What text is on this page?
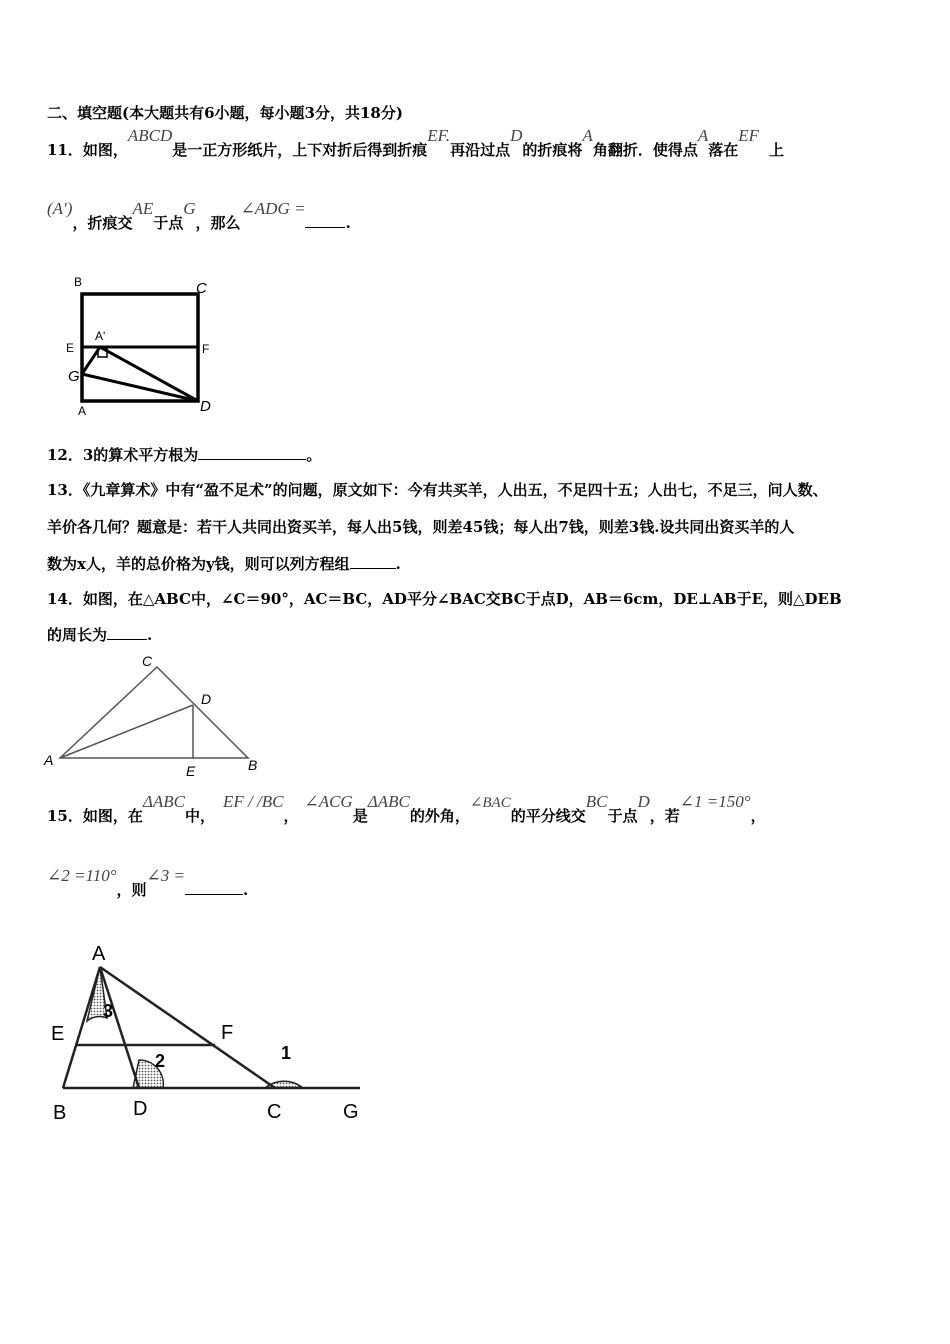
二、填空题(本大题共有6小题，每小题3分，共18分)
11．如图，ABCD是一正方形纸片，上下对折后得到折痕EF.再沿过点D的折痕将A角翻折．使得点A落在EF上
(A′)，折痕交AE于点G，那么∠ADG =.
B	C
E
A'
F
G
A	D
12．3的算术平方根为	。
13．《九章算术》中有“盈不足术”的问题，原文如下：今有共买羊，人出五，不足四十五；人出七，不足三，问人数、
羊价各几何？题意是：若干人共同出资买羊，每人出5钱，则差45钱；每人出7钱，则差3钱.设共同出资买羊的人
数为x人，羊的总价格为y钱，则可以列方程组	.
14．如图，在△ABC中，∠C＝90°，AC＝BC，AD平分∠BAC交BC于点D，AB＝6cm，DE⊥AB于E，则△DEB
的周长为	.
C
D
A
E	B
15．如图，在ΔABC中，EF / /BC，∠ACG是ΔABC的外角，∠BAC的平分线交BC于点D，若∠1 =150°，
∠2 =110°，则∠3 =.
A
E	F
B	D	C	G
1
2
3
